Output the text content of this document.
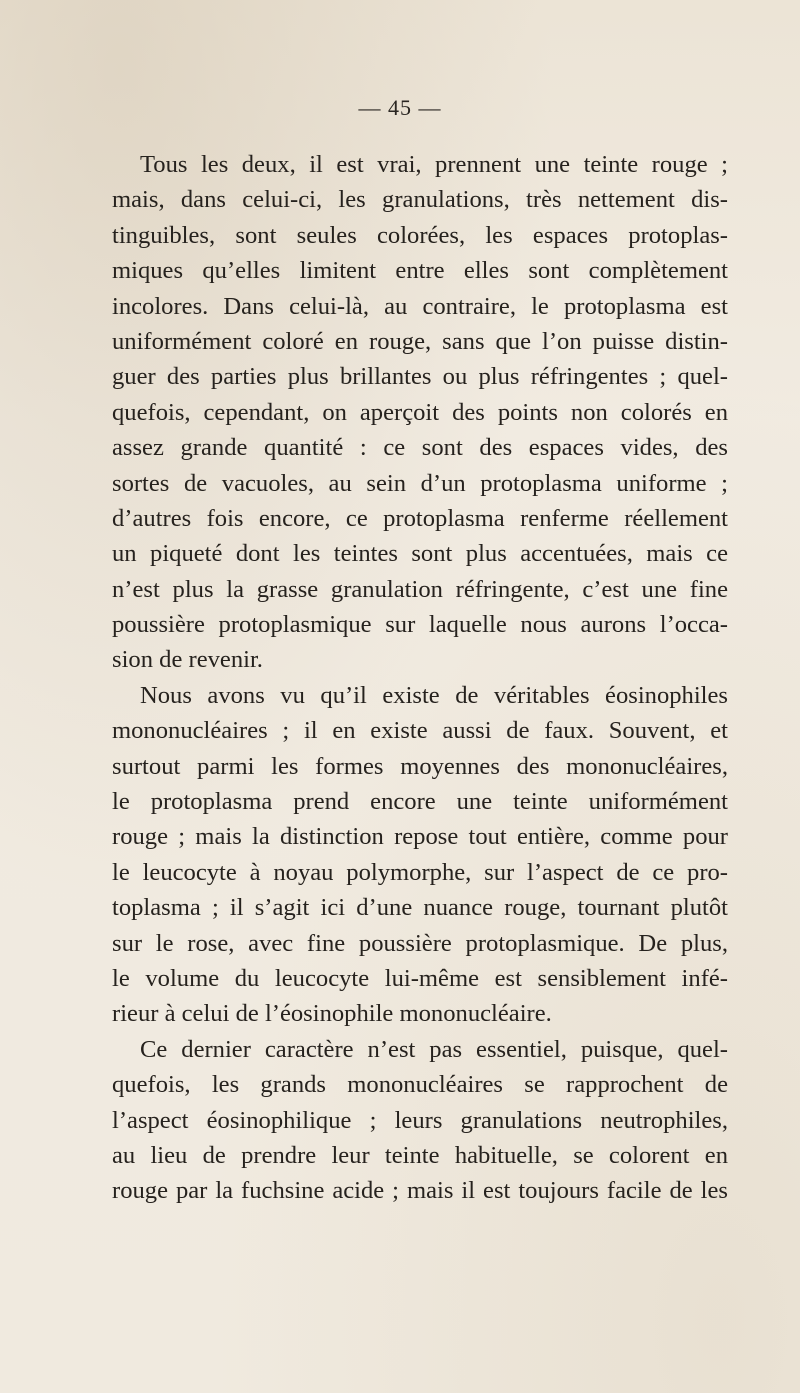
— 45 —
Tous les deux, il est vrai, prennent une teinte rouge ;
mais, dans celui-ci, les granulations, très nettement dis-
tinguibles, sont seules colorées, les espaces protoplas-
miques qu’elles limitent entre elles sont complètement
incolores. Dans celui-là, au contraire, le protoplasma est
uniformément coloré en rouge, sans que l’on puisse distin-
guer des parties plus brillantes ou plus réfringentes ; quel-
quefois, cependant, on aperçoit des points non colorés en
assez grande quantité : ce sont des espaces vides, des
sortes de vacuoles, au sein d’un protoplasma uniforme ;
d’autres fois encore, ce protoplasma renferme réellement
un piqueté dont les teintes sont plus accentuées, mais ce
n’est plus la grasse granulation réfringente, c’est une fine
poussière protoplasmique sur laquelle nous aurons l’occa-
sion de revenir.
Nous avons vu qu’il existe de véritables éosinophiles
mononucléaires ; il en existe aussi de faux. Souvent, et
surtout parmi les formes moyennes des mononucléaires,
le protoplasma prend encore une teinte uniformément
rouge ; mais la distinction repose tout entière, comme pour
le leucocyte à noyau polymorphe, sur l’aspect de ce pro-
toplasma ; il s’agit ici d’une nuance rouge, tournant plutôt
sur le rose, avec fine poussière protoplasmique. De plus,
le volume du leucocyte lui-même est sensiblement infé-
rieur à celui de l’éosinophile mononucléaire.
Ce dernier caractère n’est pas essentiel, puisque, quel-
quefois, les grands mononucléaires se rapprochent de
l’aspect éosinophilique ; leurs granulations neutrophiles,
au lieu de prendre leur teinte habituelle, se colorent en
rouge par la fuchsine acide ; mais il est toujours facile de les
